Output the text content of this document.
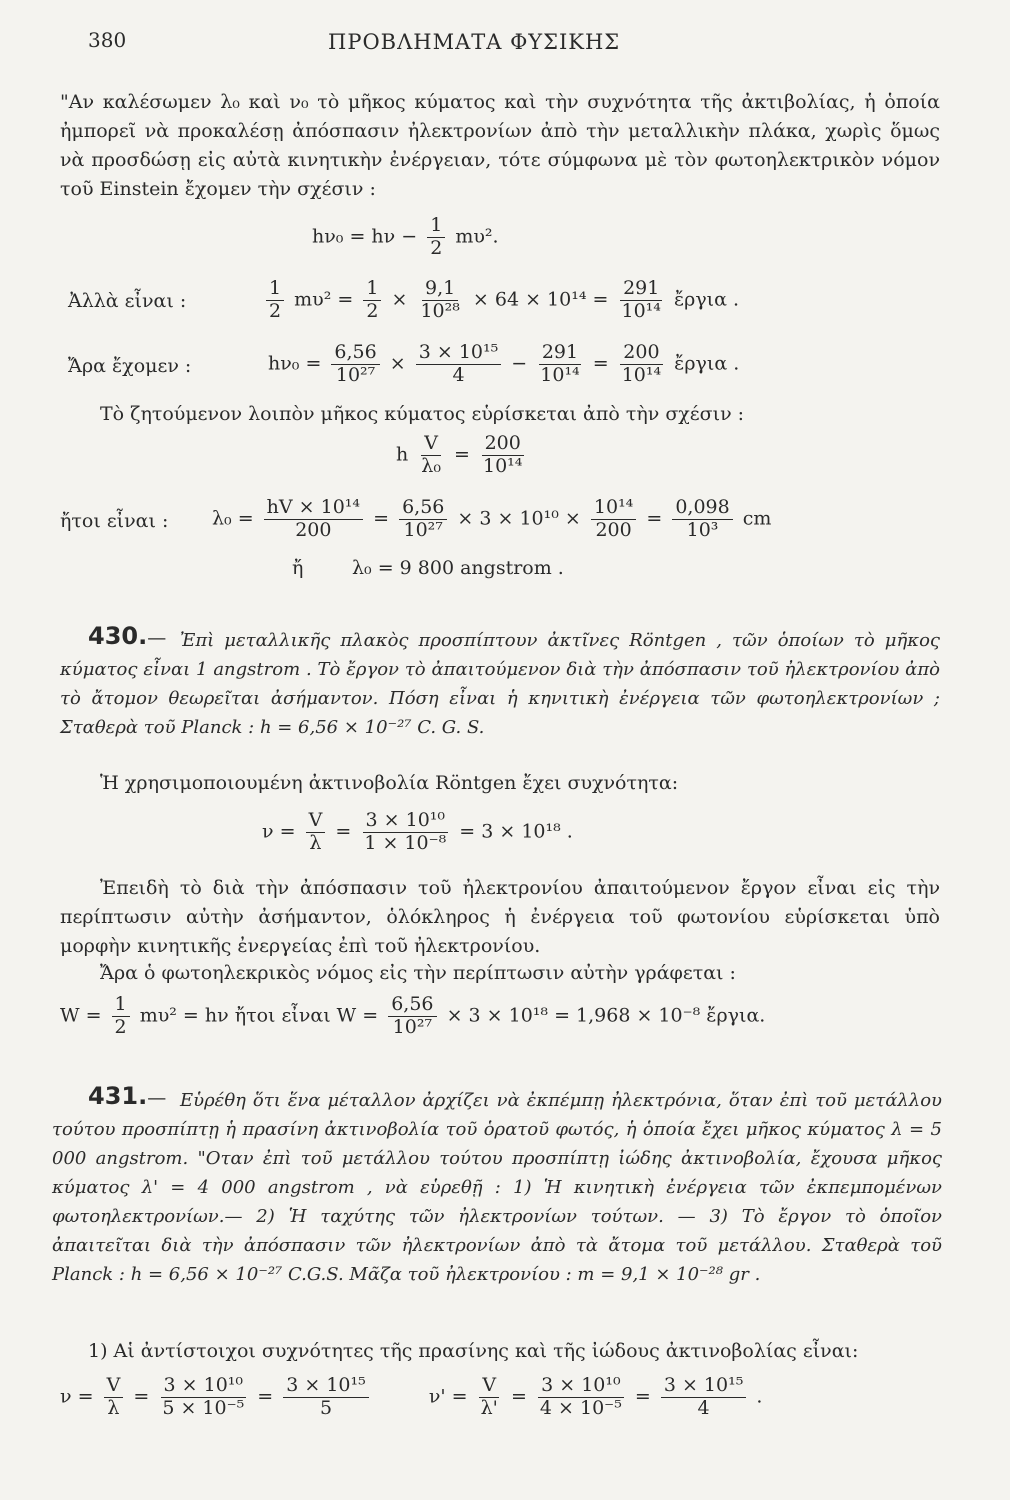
380	ΠΡΟΒΛΗΜΑΤΑ ΦΥΣΙΚΗΣ

"Αν καλέσωμεν λ₀ καὶ ν₀ τὸ μῆκος κύματος καὶ τὴν συχνότητα τῆς ἀκτιβολίας, ἡ ὁποία ἠμπορεῖ νὰ προκαλέσῃ ἀπόσπασιν ἠλεκτρονίων ἀπὸ τὴν μεταλλικὴν πλάκα, χωρὶς ὅμως νὰ προσδώσῃ εἰς αὐτὰ κινητικὴν ἐνέργειαν, τότε σύμφωνα μὲ τὸν φωτοηλεκτρικὸν νόμον τοῦ Einstein ἔχομεν τὴν σχέσιν :

$h\nu_0 = h\nu - \frac{1}{2} m\upsilon^2$.
Ἀλλὰ εἶναι :	$\frac{1}{2} m\upsilon^2 = \frac{1}{2} \times \frac{9,1}{\text{10²⁸}} \times 64 \times 10^{14} = \frac{291}{\text{10¹⁴}}$ ἔργια .
Ἄρα ἔχομεν :	$h\nu_0 = \frac{6,56}{\text{10²⁷}} \times \frac{\text{3 × 10¹⁵}}{4} - \frac{291}{\text{10¹⁴}} = \frac{200}{\text{10¹⁴}}$ ἔργια .
Τὸ ζητούμενον λοιπὸν μῆκος κύματος εὑρίσκεται ἀπὸ τὴν σχέσιν :
h $\frac{V}{\text{λ₀}} = \frac{200}{\text{10¹⁴}}$
ἤτοι εἶναι : $\lambda_0 = \frac{\text{hV × 10¹⁴}}{200} = \frac{6,56}{\text{10²⁷}} \times 3 \times 10^{10} \times \frac{\text{10¹⁴}}{200} = \frac{0,098}{\text{10³}}$ cm
ἤ	λ₀ = 9 800 angstrom .
430.— Ἐπὶ μεταλλικῆς πλακὸς προσπίπτουν ἀκτῖνες Röntgen , τῶν ὁποίων τὸ μῆκος κύματος εἶναι 1 angstrom . Τὸ ἔργον τὸ ἀπαιτούμενον διὰ τὴν ἀπόσπασιν τοῦ ἠλεκτρονίου ἀπὸ τὸ ἄτομον θεωρεῖται ἀσήμαντον. Πόση εἶναι ἡ κηνιτικὴ ἐνέργεια τῶν φωτοηλεκτρονίων ; Σταθερὰ τοῦ Planck : h = 6,56 × 10⁻²⁷ C. G. S.

Ἡ χρησιμοποιουμένη ἀκτινοβολία Röntgen ἔχει συχνότητα:
$\nu = \frac{V}{\lambda} = \frac{\text{3 × 10¹⁰}}{\text{1 × 10⁻⁸}} = 3 \times 10^{18}$ .

Ἐπειδὴ τὸ διὰ τὴν ἀπόσπασιν τοῦ ἠλεκτρονίου ἀπαιτούμενον ἔργον εἶναι εἰς τὴν περίπτωσιν αὐτὴν ἀσήμαντον, ὁλόκληρος ἡ ἐνέργεια τοῦ φωτονίου εὑρίσκεται ὑπὸ μορφὴν κινητικῆς ἐνεργείας ἐπὶ τοῦ ἠλεκτρονίου.

Ἄρα ὁ φωτοηλεκρικὸς νόμος εἰς τὴν περίπτωσιν αὐτὴν γράφεται :
$W = \frac{1}{2} m\upsilon^2 = h\nu$ ἤτοι εἶναι $W = \frac{6,56}{\text{10²⁷}} \times 3 \times 10^{18} = 1,968 \times 10^{-8}$ ἔργια.
431.— Εὑρέθη ὅτι ἕνα μέταλλον ἀρχίζει νὰ ἐκπέμπῃ ἠλεκτρόνια, ὅταν ἐπὶ τοῦ μετάλλου τούτου προσπίπτῃ ἡ πρασίνη ἀκτινοβολία τοῦ ὁρατοῦ φωτός, ἡ ὁποία ἔχει μῆκος κύματος λ = 5 000 angstrom. "Οταν ἐπὶ τοῦ μετάλλου τούτου προσπίπτῃ ἰώδης ἀκτινοβολία, ἔχουσα μῆκος κύματος λ' = 4 000 angstrom , νὰ εὑρεθῇ : 1) Ἡ κινητικὴ ἐνέργεια τῶν ἐκπεμπομένων φωτοηλεκτρονίων.— 2) Ἡ ταχύτης τῶν ἠλεκτρονίων τούτων. — 3) Τὸ ἔργον τὸ ὁποῖον ἀπαιτεῖται διὰ τὴν ἀπόσπασιν τῶν ἠλεκτρονίων ἀπὸ τὰ ἄτομα τοῦ μετάλλου. Σταθερὰ τοῦ Planck : h = 6,56 × 10⁻²⁷ C.G.S. Μᾶζα τοῦ ἠλεκτρονίου : m = 9,1 × 10⁻²⁸ gr .

1) Αἱ ἀντίστοιχοι συχνότητες τῆς πρασίνης καὶ τῆς ἰώδους ἀκτινοβολίας εἶναι:
$\nu = \frac{V}{\lambda} = \frac{\text{3 × 10¹⁰}}{\text{5 × 10⁻⁵}} = \frac{\text{3 × 10¹⁵}}{5}$	$\nu' = \frac{V}{\lambda'} = \frac{\text{3 × 10¹⁰}}{\text{4 × 10⁻⁵}} = \frac{\text{3 × 10¹⁵}}{4}$ .
